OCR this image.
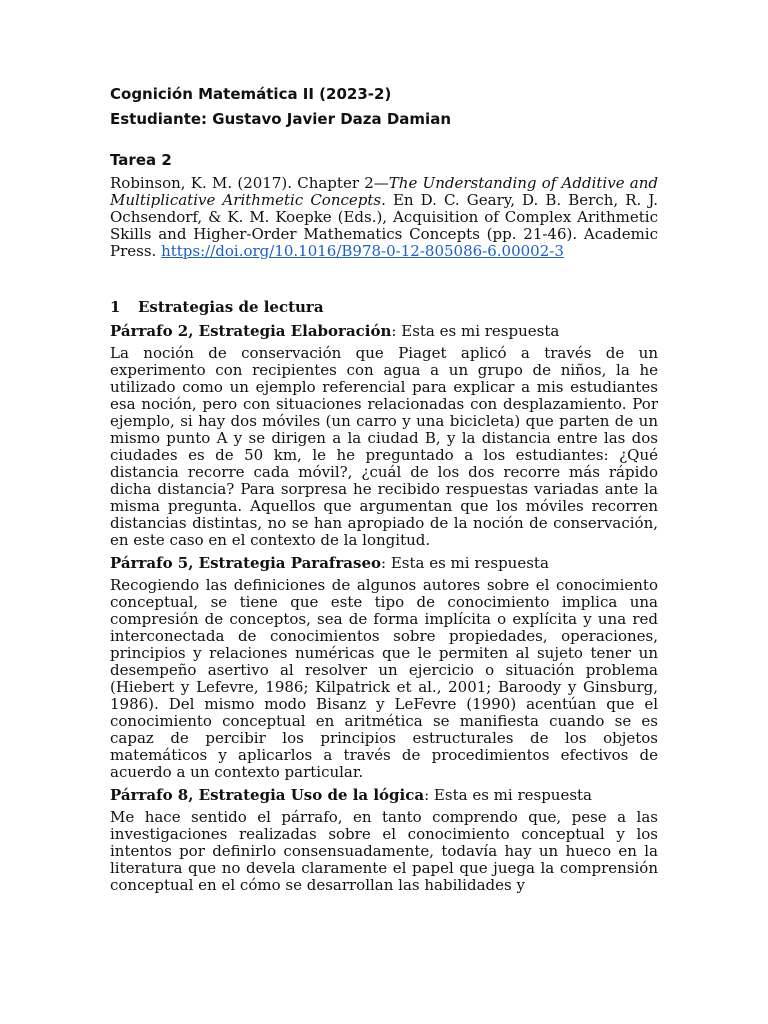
Cognición Matemática II (2023-2)
Estudiante: Gustavo Javier Daza Damian
Tarea 2
Robinson, K. M. (2017). Chapter 2—The Understanding of Additive and Multiplicative Arithmetic Concepts. En D. C. Geary, D. B. Berch, R. J. Ochsendorf, & K. M. Koepke (Eds.), Acquisition of Complex Arithmetic Skills and Higher-Order Mathematics Concepts (pp. 21-46). Academic Press. https://doi.org/10.1016/B978-0-12-805086-6.00002-3
1 Estrategias de lectura
Párrafo 2, Estrategia Elaboración: Esta es mi respuesta
La noción de conservación que Piaget aplicó a través de un experimento con recipientes con agua a un grupo de niños, la he utilizado como un ejemplo referencial para explicar a mis estudiantes esa noción, pero con situaciones relacionadas con desplazamiento. Por ejemplo, si hay dos móviles (un carro y una bicicleta) que parten de un mismo punto A y se dirigen a la ciudad B, y la distancia entre las dos ciudades es de 50 km, le he preguntado a los estudiantes: ¿Qué distancia recorre cada móvil?, ¿cuál de los dos recorre más rápido dicha distancia? Para sorpresa he recibido respuestas variadas ante la misma pregunta. Aquellos que argumentan que los móviles recorren distancias distintas, no se han apropiado de la noción de conservación, en este caso en el contexto de la longitud.
Párrafo 5, Estrategia Parafraseo: Esta es mi respuesta
Recogiendo las definiciones de algunos autores sobre el conocimiento conceptual, se tiene que este tipo de conocimiento implica una compresión de conceptos, sea de forma implícita o explícita y una red interconectada de conocimientos sobre propiedades, operaciones, principios y relaciones numéricas que le permiten al sujeto tener un desempeño asertivo al resolver un ejercicio o situación problema (Hiebert y Lefevre, 1986; Kilpatrick et al., 2001; Baroody y Ginsburg, 1986). Del mismo modo Bisanz y LeFevre (1990) acentúan que el conocimiento conceptual en aritmética se manifiesta cuando se es capaz de percibir los principios estructurales de los objetos matemáticos y aplicarlos a través de procedimientos efectivos de acuerdo a un contexto particular.
Párrafo 8, Estrategia Uso de la lógica: Esta es mi respuesta
Me hace sentido el párrafo, en tanto comprendo que, pese a las investigaciones realizadas sobre el conocimiento conceptual y los intentos por definirlo consensuadamente, todavía hay un hueco en la literatura que no devela claramente el papel que juega la comprensión conceptual en el cómo se desarrollan las habilidades y
